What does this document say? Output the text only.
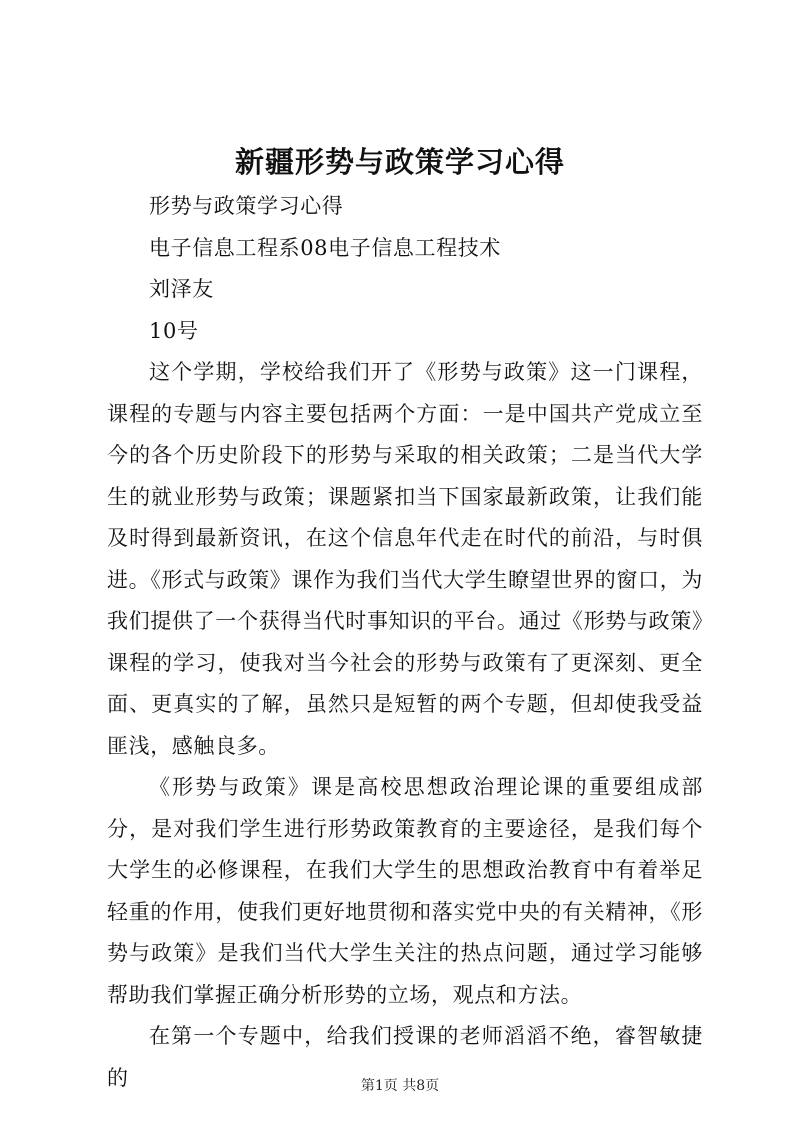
新疆形势与政策学习心得

形势与政策学习心得

电子信息工程系08电子信息工程技术

刘泽友

10号

这个学期，学校给我们开了《形势与政策》这一门课程，课程的专题与内容主要包括两个方面：一是中国共产党成立至今的各个历史阶段下的形势与采取的相关政策；二是当代大学生的就业形势与政策；课题紧扣当下国家最新政策，让我们能及时得到最新资讯，在这个信息年代走在时代的前沿，与时俱进。《形式与政策》课作为我们当代大学生瞭望世界的窗口，为我们提供了一个获得当代时事知识的平台。通过《形势与政策》课程的学习，使我对当今社会的形势与政策有了更深刻、更全面、更真实的了解，虽然只是短暂的两个专题，但却使我受益匪浅，感触良多。

《形势与政策》课是高校思想政治理论课的重要组成部分，是对我们学生进行形势政策教育的主要途径，是我们每个大学生的必修课程，在我们大学生的思想政治教育中有着举足轻重的作用，使我们更好地贯彻和落实党中央的有关精神，《形势与政策》是我们当代大学生关注的热点问题，通过学习能够帮助我们掌握正确分析形势的立场，观点和方法。

在第一个专题中，给我们授课的老师滔滔不绝，睿智敏捷的	第1页 共8页
